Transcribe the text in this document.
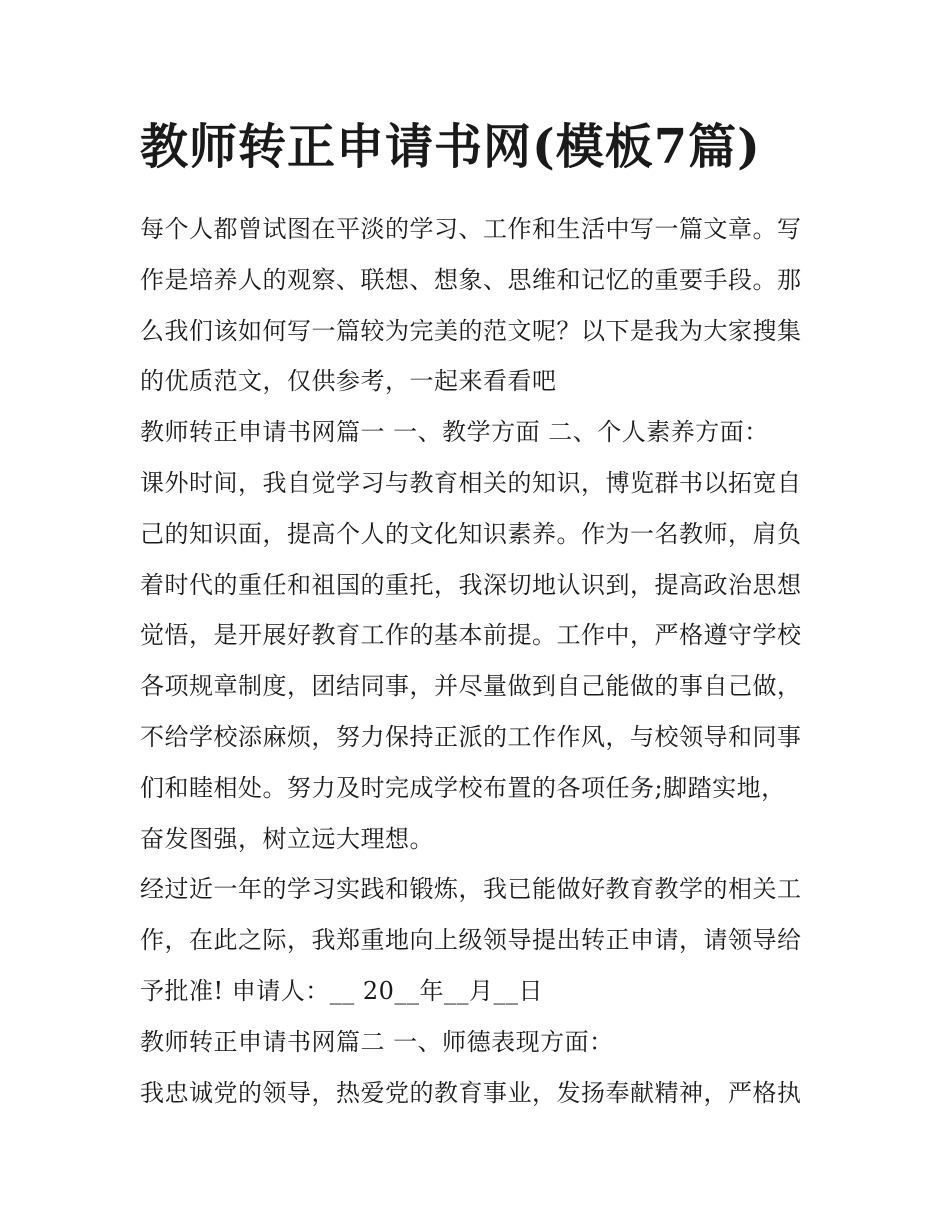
教师转正申请书网(模板7篇)

每个人都曾试图在平淡的学习、工作和生活中写一篇文章。写

作是培养人的观察、联想、想象、思维和记忆的重要手段。那

么我们该如何写一篇较为完美的范文呢？以下是我为大家搜集

的优质范文，仅供参考，一起来看看吧

教师转正申请书网篇一 一、教学方面 二、个人素养方面：

课外时间，我自觉学习与教育相关的知识，博览群书以拓宽自

己的知识面，提高个人的文化知识素养。作为一名教师，肩负

着时代的重任和祖国的重托，我深切地认识到，提高政治思想

觉悟，是开展好教育工作的基本前提。工作中，严格遵守学校

各项规章制度，团结同事，并尽量做到自己能做的事自己做，

不给学校添麻烦，努力保持正派的工作作风，与校领导和同事

们和睦相处。努力及时完成学校布置的各项任务;脚踏实地，

奋发图强，树立远大理想。

经过近一年的学习实践和锻炼，我已能做好教育教学的相关工

作，在此之际，我郑重地向上级领导提出转正申请，请领导给

予批准! 申请人：__ 20__年__月__日

教师转正申请书网篇二 一、师德表现方面：

我忠诚党的领导，热爱党的教育事业，发扬奉献精神，严格执
